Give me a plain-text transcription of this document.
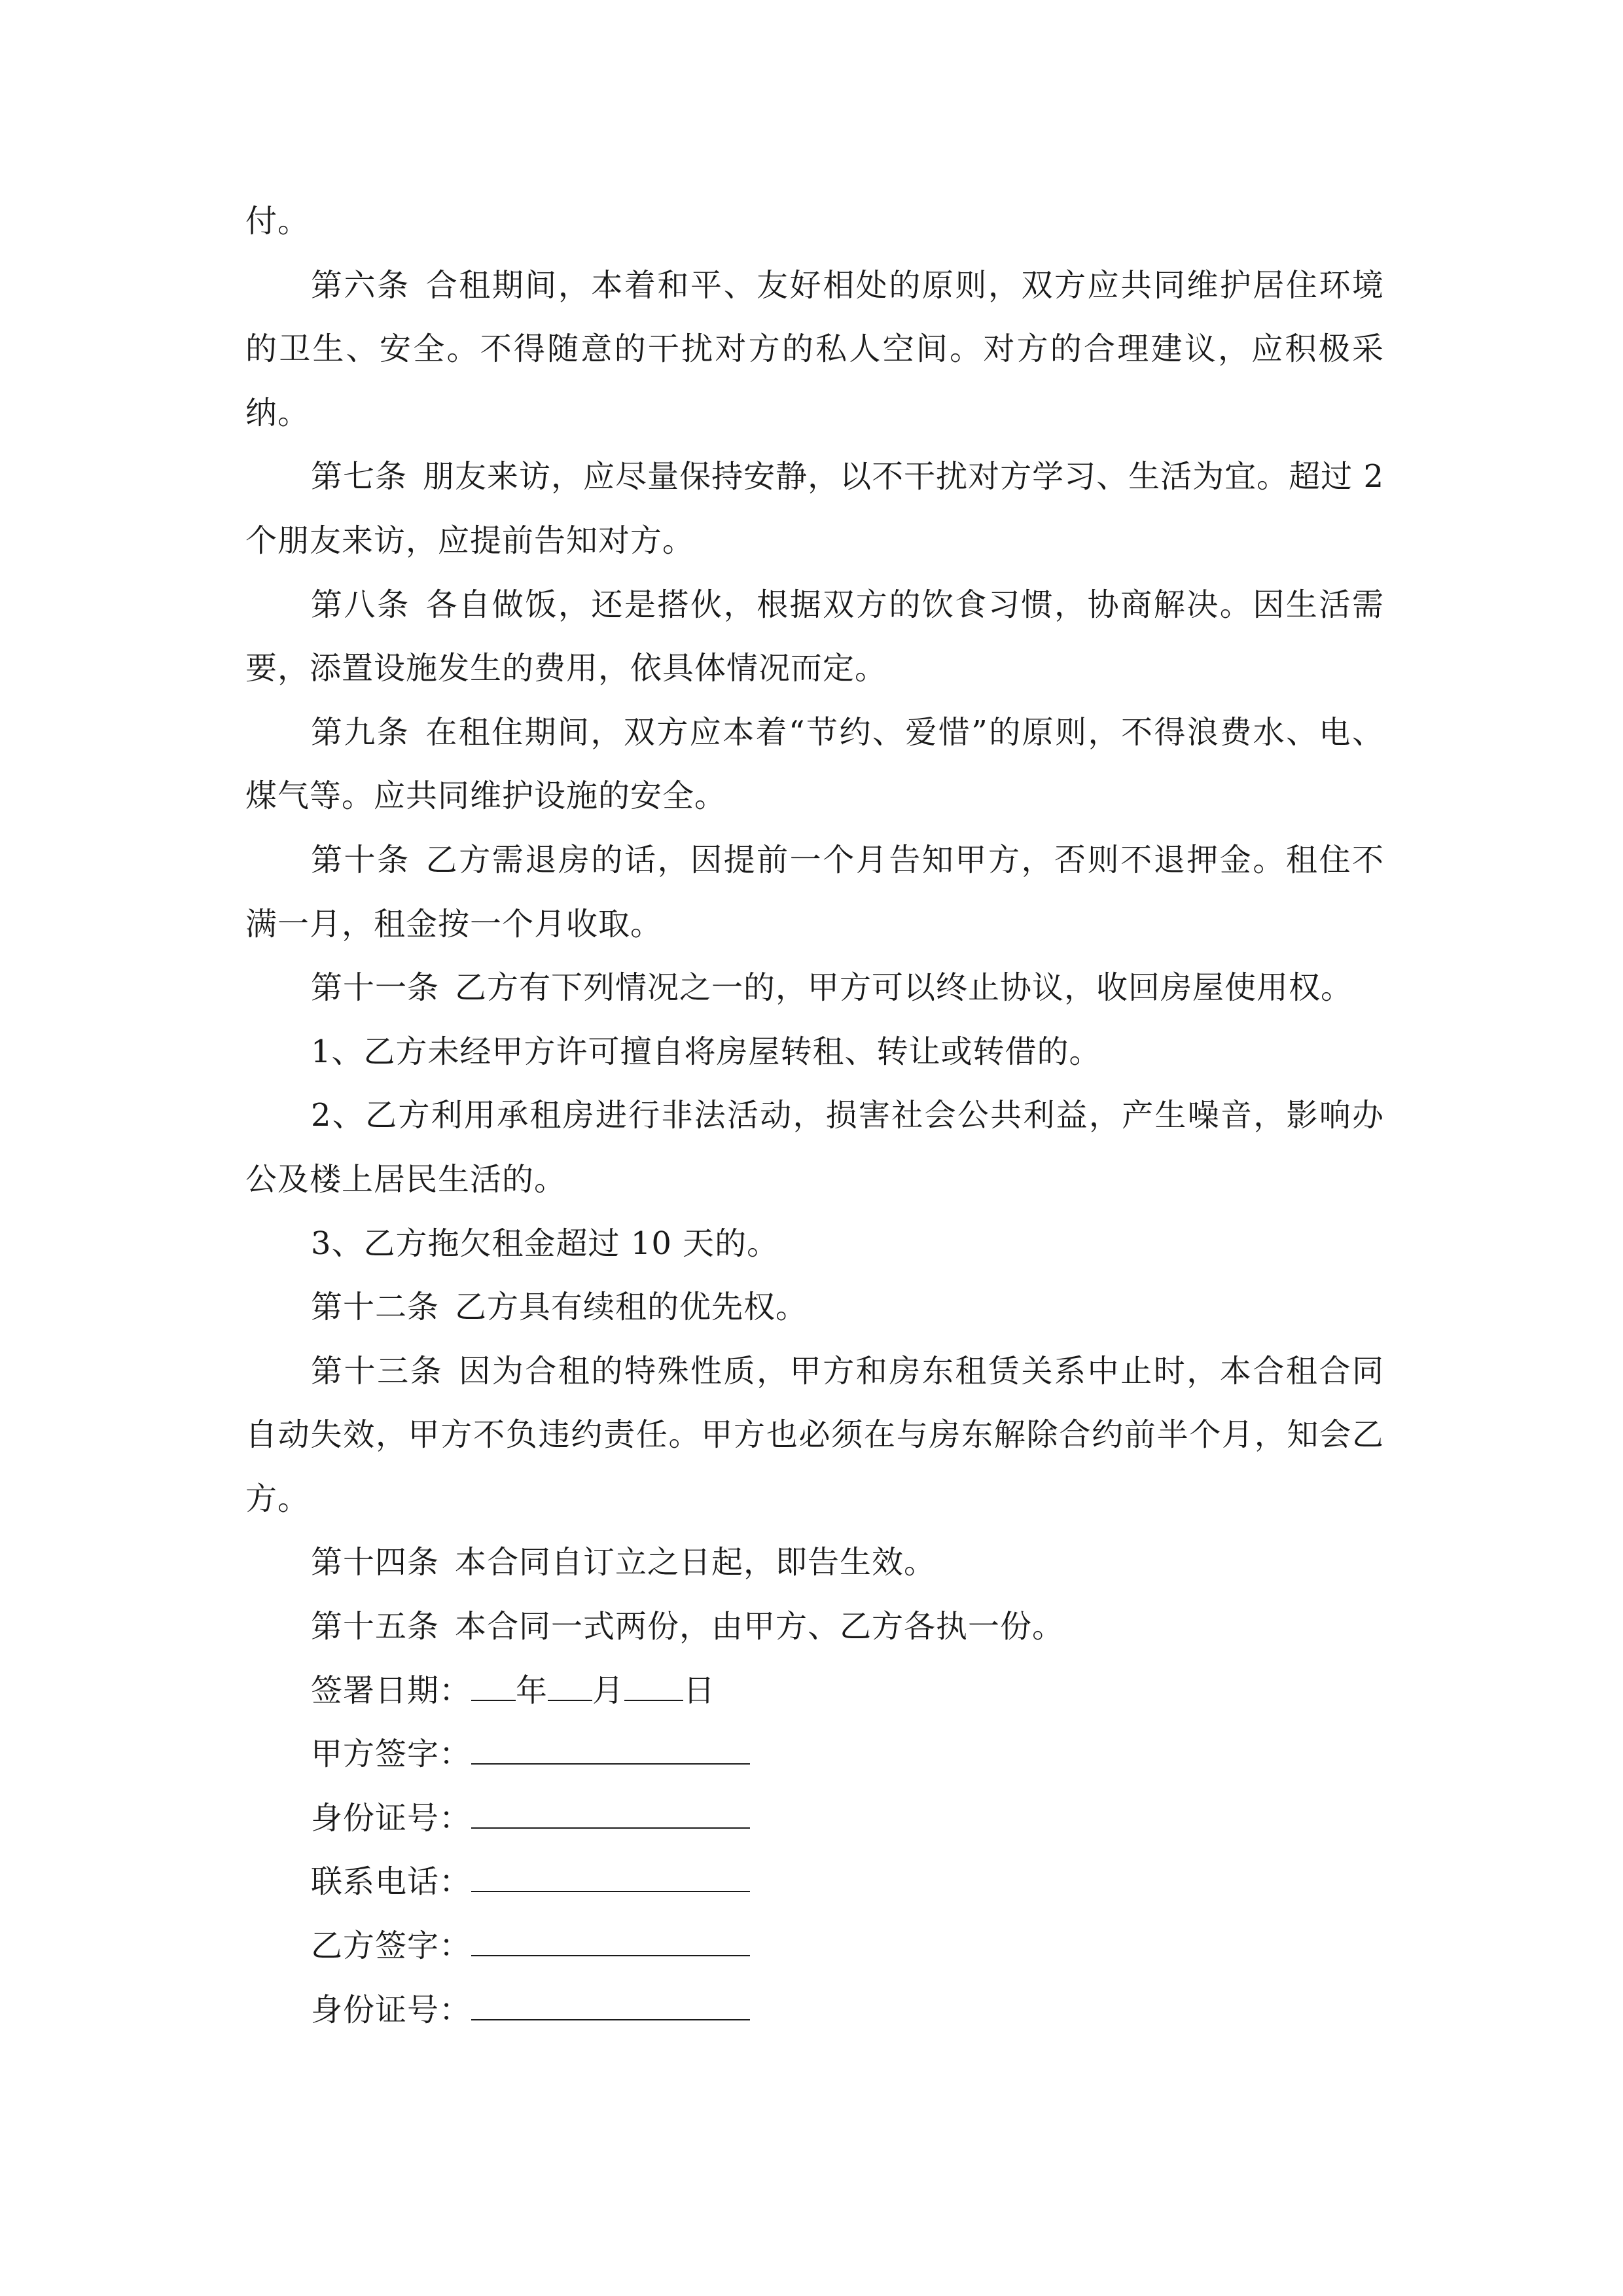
付。

第六条 合租期间，本着和平、友好相处的原则，双方应共同维护居住环境的卫生、安全。不得随意的干扰对方的私人空间。对方的合理建议，应积极采纳。

第七条 朋友来访，应尽量保持安静，以不干扰对方学习、生活为宜。超过 2 个朋友来访，应提前告知对方。

第八条 各自做饭，还是搭伙，根据双方的饮食习惯，协商解决。因生活需要，添置设施发生的费用，依具体情况而定。

第九条 在租住期间，双方应本着“节约、爱惜”的原则，不得浪费水、电、煤气等。应共同维护设施的安全。

第十条 乙方需退房的话，因提前一个月告知甲方，否则不退押金。租住不满一月，租金按一个月收取。

第十一条 乙方有下列情况之一的，甲方可以终止协议，收回房屋使用权。

1、乙方未经甲方许可擅自将房屋转租、转让或转借的。

2、乙方利用承租房进行非法活动，损害社会公共利益，产生噪音，影响办公及楼上居民生活的。

3、乙方拖欠租金超过 10 天的。

第十二条 乙方具有续租的优先权。

第十三条 因为合租的特殊性质，甲方和房东租赁关系中止时，本合租合同自动失效，甲方不负违约责任。甲方也必须在与房东解除合约前半个月，知会乙方。

第十四条 本合同自订立之日起，即告生效。

第十五条 本合同一式两份，由甲方、乙方各执一份。

签署日期： 年 月 日

甲方签字：

身份证号：

联系电话：

乙方签字：

身份证号：
